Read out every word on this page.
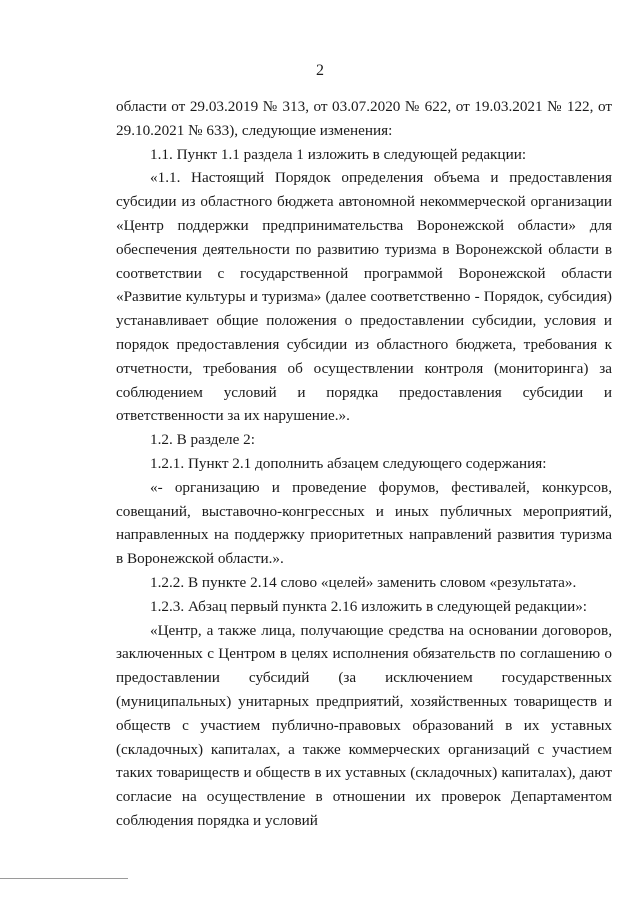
2

области от 29.03.2019 № 313, от 03.07.2020 № 622, от 19.03.2021 № 122, от 29.10.2021 № 633), следующие изменения:

1.1. Пункт 1.1 раздела 1 изложить в следующей редакции:

«1.1. Настоящий Порядок определения объема и предоставления субсидии из областного бюджета автономной некоммерческой организации «Центр поддержки предпринимательства Воронежской области» для обеспечения деятельности по развитию туризма в Воронежской области в соответствии с государственной программой Воронежской области «Развитие культуры и туризма» (далее соответственно - Порядок, субсидия) устанавливает общие положения о предоставлении субсидии, условия и порядок предоставления субсидии из областного бюджета, требования к отчетности, требования об осуществлении контроля (мониторинга) за соблюдением условий и порядка предоставления субсидии и ответственности за их нарушение.».

1.2. В разделе 2:

1.2.1. Пункт 2.1 дополнить абзацем следующего содержания:

«- организацию и проведение форумов, фестивалей, конкурсов, совещаний, выставочно-конгрессных и иных публичных мероприятий, направленных на поддержку приоритетных направлений развития туризма в Воронежской области.».

1.2.2. В пункте 2.14 слово «целей» заменить словом «результата».

1.2.3. Абзац первый пункта 2.16 изложить в следующей редакции»:

«Центр, а также лица, получающие средства на основании договоров, заключенных с Центром в целях исполнения обязательств по соглашению о предоставлении субсидий (за исключением государственных (муниципальных) унитарных предприятий, хозяйственных товариществ и обществ с участием публично-правовых образований в их уставных (складочных) капиталах, а также коммерческих организаций с участием таких товариществ и обществ в их уставных (складочных) капиталах), дают согласие на осуществление в отношении их проверок Департаментом соблюдения порядка и условий
